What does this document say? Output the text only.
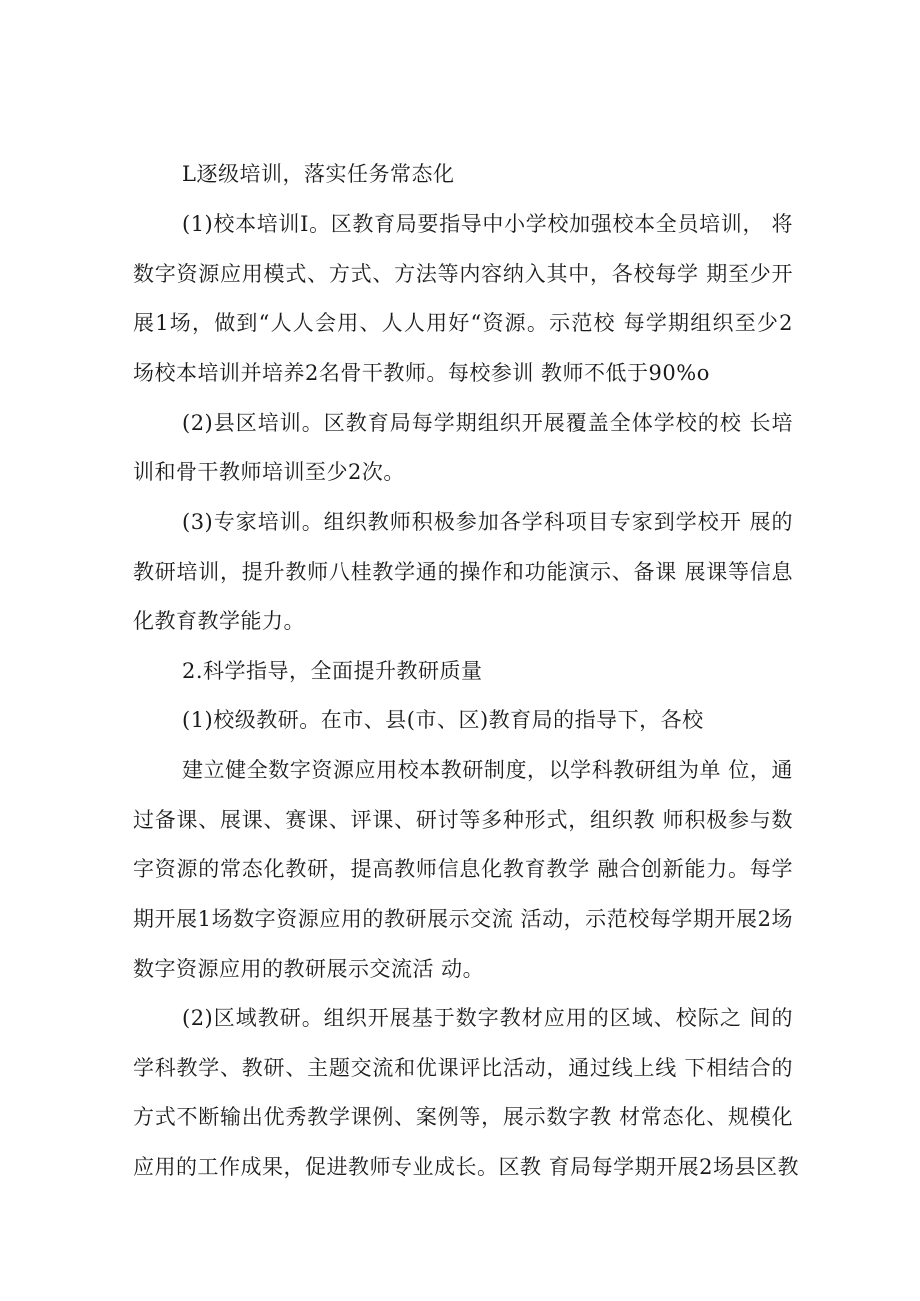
L逐级培训，落实任务常态化
(1)校本培训I。区教育局要指导中小学校加强校本全员培训， 将
数字资源应用模式、方式、方法等内容纳入其中，各校每学 期至少开
展1场，做到“人人会用、人人用好“资源。示范校 每学期组织至少2
场校本培训并培养2名骨干教师。每校参训 教师不低于90%o
(2)县区培训。区教育局每学期组织开展覆盖全体学校的校 长培
训和骨干教师培训至少2次。
(3)专家培训。组织教师积极参加各学科项目专家到学校开 展的
教研培训，提升教师八桂教学通的操作和功能演示、备课 展课等信息
化教育教学能力。
2.科学指导，全面提升教研质量
(1)校级教研。在市、县(市、区)教育局的指导下，各校
建立健全数字资源应用校本教研制度，以学科教研组为单 位，通
过备课、展课、赛课、评课、研讨等多种形式，组织教 师积极参与数
字资源的常态化教研，提高教师信息化教育教学 融合创新能力。每学
期开展1场数字资源应用的教研展示交流 活动，示范校每学期开展2场
数字资源应用的教研展示交流活 动。
(2)区域教研。组织开展基于数字教材应用的区域、校际之 间的
学科教学、教研、主题交流和优课评比活动，通过线上线 下相结合的
方式不断输出优秀教学课例、案例等，展示数字教 材常态化、规模化
应用的工作成果，促进教师专业成长。区教 育局每学期开展2场县区教
